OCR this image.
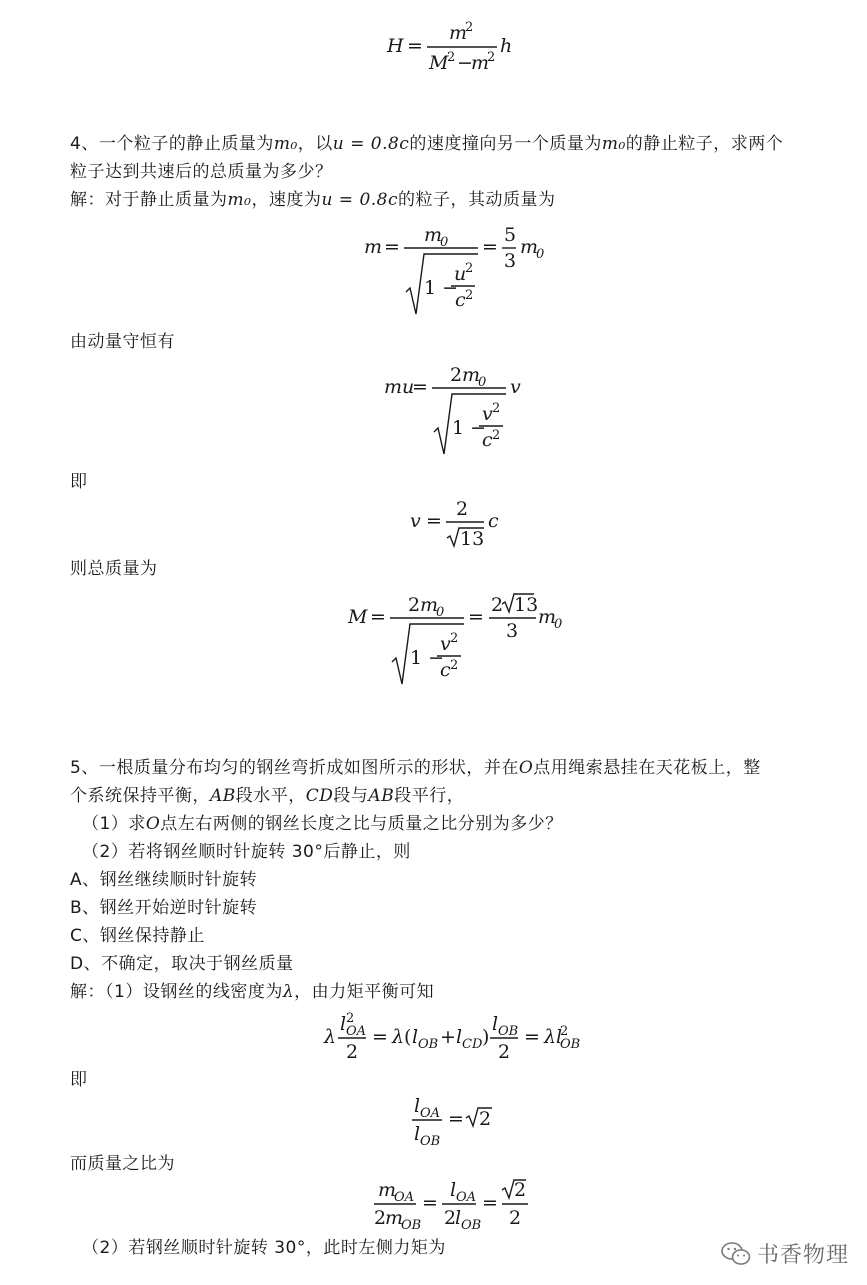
H =
m
2
M
2 −
m
2
h
4、一个粒子的静止质量为m₀，以u = 0.8c的速度撞向另一个质量为m₀的静止粒子，求两个
粒子达到共速后的总质量为多少？
解：对于静止质量为m₀，速度为u = 0.8c的粒子，其动质量为
m =
m
0
1 −
u
2
c 2
=
5
3
m
0
由动量守恒有
mu
=
2 m
0
1 −
v 2
c 2
v
即
v =
2
13
c
则总质量为
M =
2 m
0
1 −
v 2
c 2
=
2 13
3
m
0
5、一根质量分布均匀的钢丝弯折成如图所示的形状，并在O点用绳索悬挂在天花板上，整
个系统保持平衡，AB段水平，CD段与AB段平行，
（1）求O点左右两侧的钢丝长度之比与质量之比分别为多少？
（2）若将钢丝顺时针旋转 30°后静止，则
A、钢丝继续顺时针旋转
B、钢丝开始逆时针旋转
C、钢丝保持静止
D、不确定，取决于钢丝质量
解：（1）设钢丝的线密度为λ，由力矩平衡可知
λ
l 2
OA
2
= λ ( l OB + l CD )
l OB
2
= λl
2
OB
即
l OA
l OB
= 2
而质量之比为
m
OA
2
m
OB
=
l OA
2
l OB
=
2
2
（2）若钢丝顺时针旋转 30°，此时左侧力矩为	书香物理
